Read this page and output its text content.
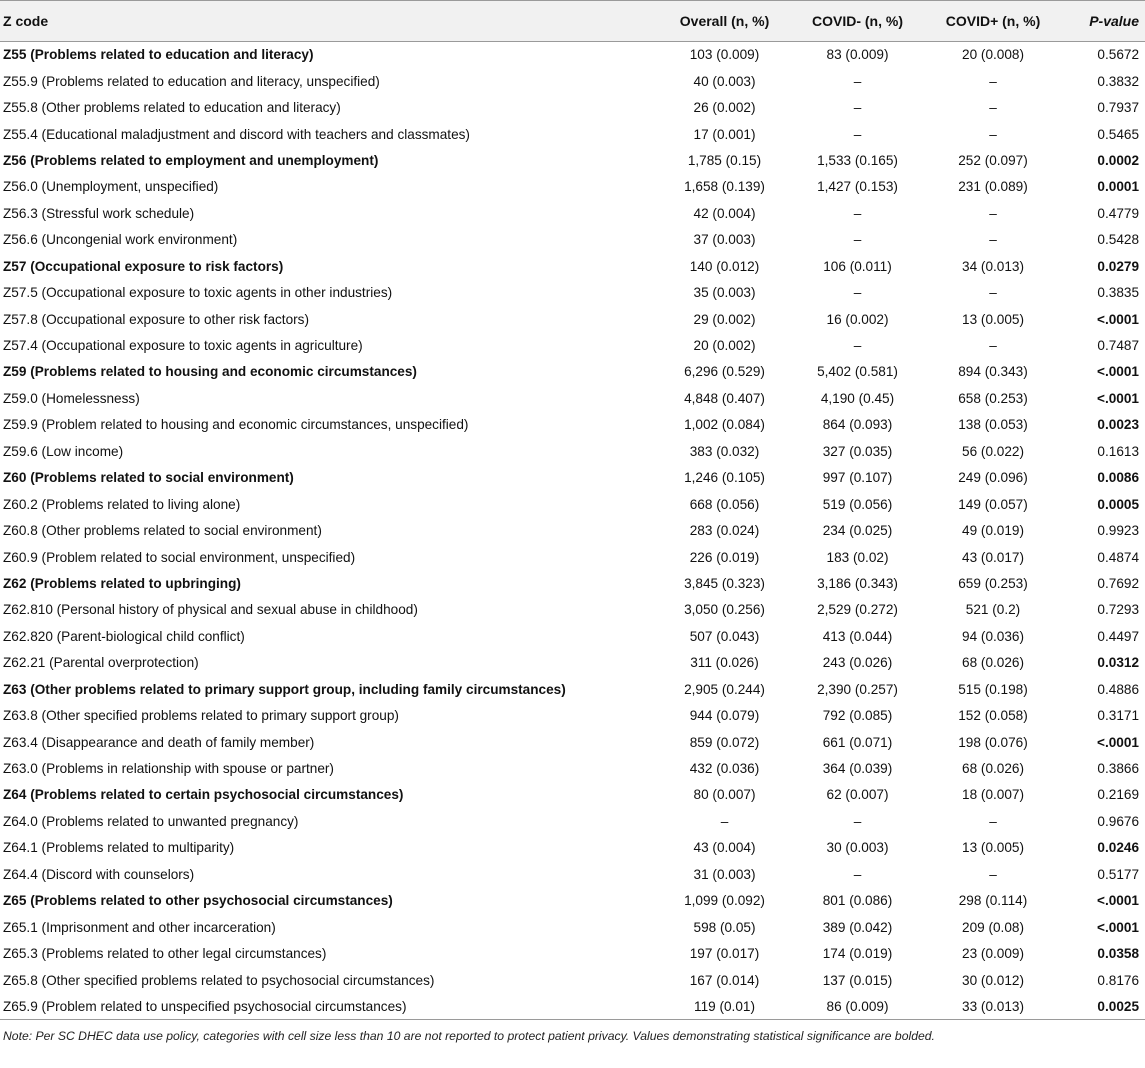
Z code	Overall (n, %)	COVID- (n, %)	COVID+ (n, %)	P-value
Z55 (Problems related to education and literacy)	103 (0.009)	83 (0.009)	20 (0.008)	0.5672
Z55.9 (Problems related to education and literacy, unspecified)	40 (0.003)	–	–	0.3832
Z55.8 (Other problems related to education and literacy)	26 (0.002)	–	–	0.7937
Z55.4 (Educational maladjustment and discord with teachers and classmates)	17 (0.001)	–	–	0.5465
Z56 (Problems related to employment and unemployment)	1,785 (0.15)	1,533 (0.165)	252 (0.097)	0.0002
Z56.0 (Unemployment, unspecified)	1,658 (0.139)	1,427 (0.153)	231 (0.089)	0.0001
Z56.3 (Stressful work schedule)	42 (0.004)	–	–	0.4779
Z56.6 (Uncongenial work environment)	37 (0.003)	–	–	0.5428
Z57 (Occupational exposure to risk factors)	140 (0.012)	106 (0.011)	34 (0.013)	0.0279
Z57.5 (Occupational exposure to toxic agents in other industries)	35 (0.003)	–	–	0.3835
Z57.8 (Occupational exposure to other risk factors)	29 (0.002)	16 (0.002)	13 (0.005)	<.0001
Z57.4 (Occupational exposure to toxic agents in agriculture)	20 (0.002)	–	–	0.7487
Z59 (Problems related to housing and economic circumstances)	6,296 (0.529)	5,402 (0.581)	894 (0.343)	<.0001
Z59.0 (Homelessness)	4,848 (0.407)	4,190 (0.45)	658 (0.253)	<.0001
Z59.9 (Problem related to housing and economic circumstances, unspecified)	1,002 (0.084)	864 (0.093)	138 (0.053)	0.0023
Z59.6 (Low income)	383 (0.032)	327 (0.035)	56 (0.022)	0.1613
Z60 (Problems related to social environment)	1,246 (0.105)	997 (0.107)	249 (0.096)	0.0086
Z60.2 (Problems related to living alone)	668 (0.056)	519 (0.056)	149 (0.057)	0.0005
Z60.8 (Other problems related to social environment)	283 (0.024)	234 (0.025)	49 (0.019)	0.9923
Z60.9 (Problem related to social environment, unspecified)	226 (0.019)	183 (0.02)	43 (0.017)	0.4874
Z62 (Problems related to upbringing)	3,845 (0.323)	3,186 (0.343)	659 (0.253)	0.7692
Z62.810 (Personal history of physical and sexual abuse in childhood)	3,050 (0.256)	2,529 (0.272)	521 (0.2)	0.7293
Z62.820 (Parent-biological child conflict)	507 (0.043)	413 (0.044)	94 (0.036)	0.4497
Z62.21 (Parental overprotection)	311 (0.026)	243 (0.026)	68 (0.026)	0.0312
Z63 (Other problems related to primary support group, including family circumstances)	2,905 (0.244)	2,390 (0.257)	515 (0.198)	0.4886
Z63.8 (Other specified problems related to primary support group)	944 (0.079)	792 (0.085)	152 (0.058)	0.3171
Z63.4 (Disappearance and death of family member)	859 (0.072)	661 (0.071)	198 (0.076)	<.0001
Z63.0 (Problems in relationship with spouse or partner)	432 (0.036)	364 (0.039)	68 (0.026)	0.3866
Z64 (Problems related to certain psychosocial circumstances)	80 (0.007)	62 (0.007)	18 (0.007)	0.2169
Z64.0 (Problems related to unwanted pregnancy)	–	–	–	0.9676
Z64.1 (Problems related to multiparity)	43 (0.004)	30 (0.003)	13 (0.005)	0.0246
Z64.4 (Discord with counselors)	31 (0.003)	–	–	0.5177
Z65 (Problems related to other psychosocial circumstances)	1,099 (0.092)	801 (0.086)	298 (0.114)	<.0001
Z65.1 (Imprisonment and other incarceration)	598 (0.05)	389 (0.042)	209 (0.08)	<.0001
Z65.3 (Problems related to other legal circumstances)	197 (0.017)	174 (0.019)	23 (0.009)	0.0358
Z65.8 (Other specified problems related to psychosocial circumstances)	167 (0.014)	137 (0.015)	30 (0.012)	0.8176
Z65.9 (Problem related to unspecified psychosocial circumstances)	119 (0.01)	86 (0.009)	33 (0.013)	0.0025
Note: Per SC DHEC data use policy, categories with cell size less than 10 are not reported to protect patient privacy. Values demonstrating statistical significance are bolded.
